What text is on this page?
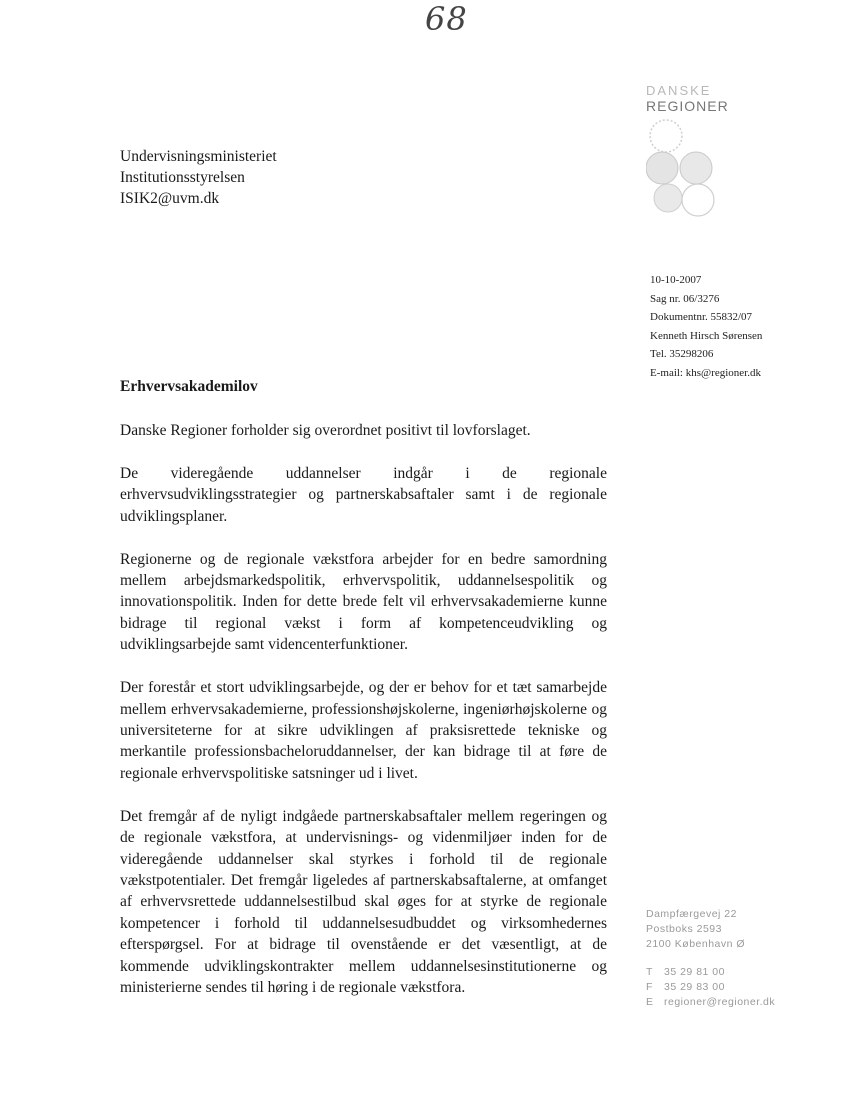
68
DANSKE
REGIONER
Undervisningsministeriet
Institutionsstyrelsen
ISIK2@uvm.dk
10-10-2007
Sag nr. 06/3276
Dokumentnr. 55832/07
Kenneth Hirsch Sørensen
Tel. 35298206
E-mail: khs@regioner.dk
Erhvervsakademilov

Danske Regioner forholder sig overordnet positivt til lovforslaget.

De videregående uddannelser indgår i de regionale erhvervsudviklingsstrategier og partnerskabsaftaler samt i de regionale udviklingsplaner.

Regionerne og de regionale vækstfora arbejder for en bedre samordning mellem arbejdsmarkedspolitik, erhvervspolitik, uddannelsespolitik og innovationspolitik. Inden for dette brede felt vil erhvervsakademierne kunne bidrage til regional vækst i form af kompetenceudvikling og udviklingsarbejde samt videncenterfunktioner.

Der forestår et stort udviklingsarbejde, og der er behov for et tæt samarbejde mellem erhvervsakademierne, professionshøjskolerne, ingeniørhøjskolerne og universiteterne for at sikre udviklingen af praksisrettede tekniske og merkantile professionsbacheloruddannelser, der kan bidrage til at føre de regionale erhvervspolitiske satsninger ud i livet.

Det fremgår af de nyligt indgåede partnerskabsaftaler mellem regeringen og de regionale vækstfora, at undervisnings- og videnmiljøer inden for de videregående uddannelser skal styrkes i forhold til de regionale vækstpotentialer. Det fremgår ligeledes af partnerskabsaftalerne, at omfanget af erhvervsrettede uddannelsestilbud skal øges for at styrke de regionale kompetencer i forhold til uddannelsesudbuddet og virksomhedernes efterspørgsel. For at bidrage til ovenstående er det væsentligt, at de kommende udviklingskontrakter mellem uddannelsesinstitutionerne og ministerierne sendes til høring i de regionale vækstfora.

Dampfærgevej 22
Postboks 2593
2100 København Ø
T 35 29 81 00
F 35 29 83 00
E regioner@regioner.dk
